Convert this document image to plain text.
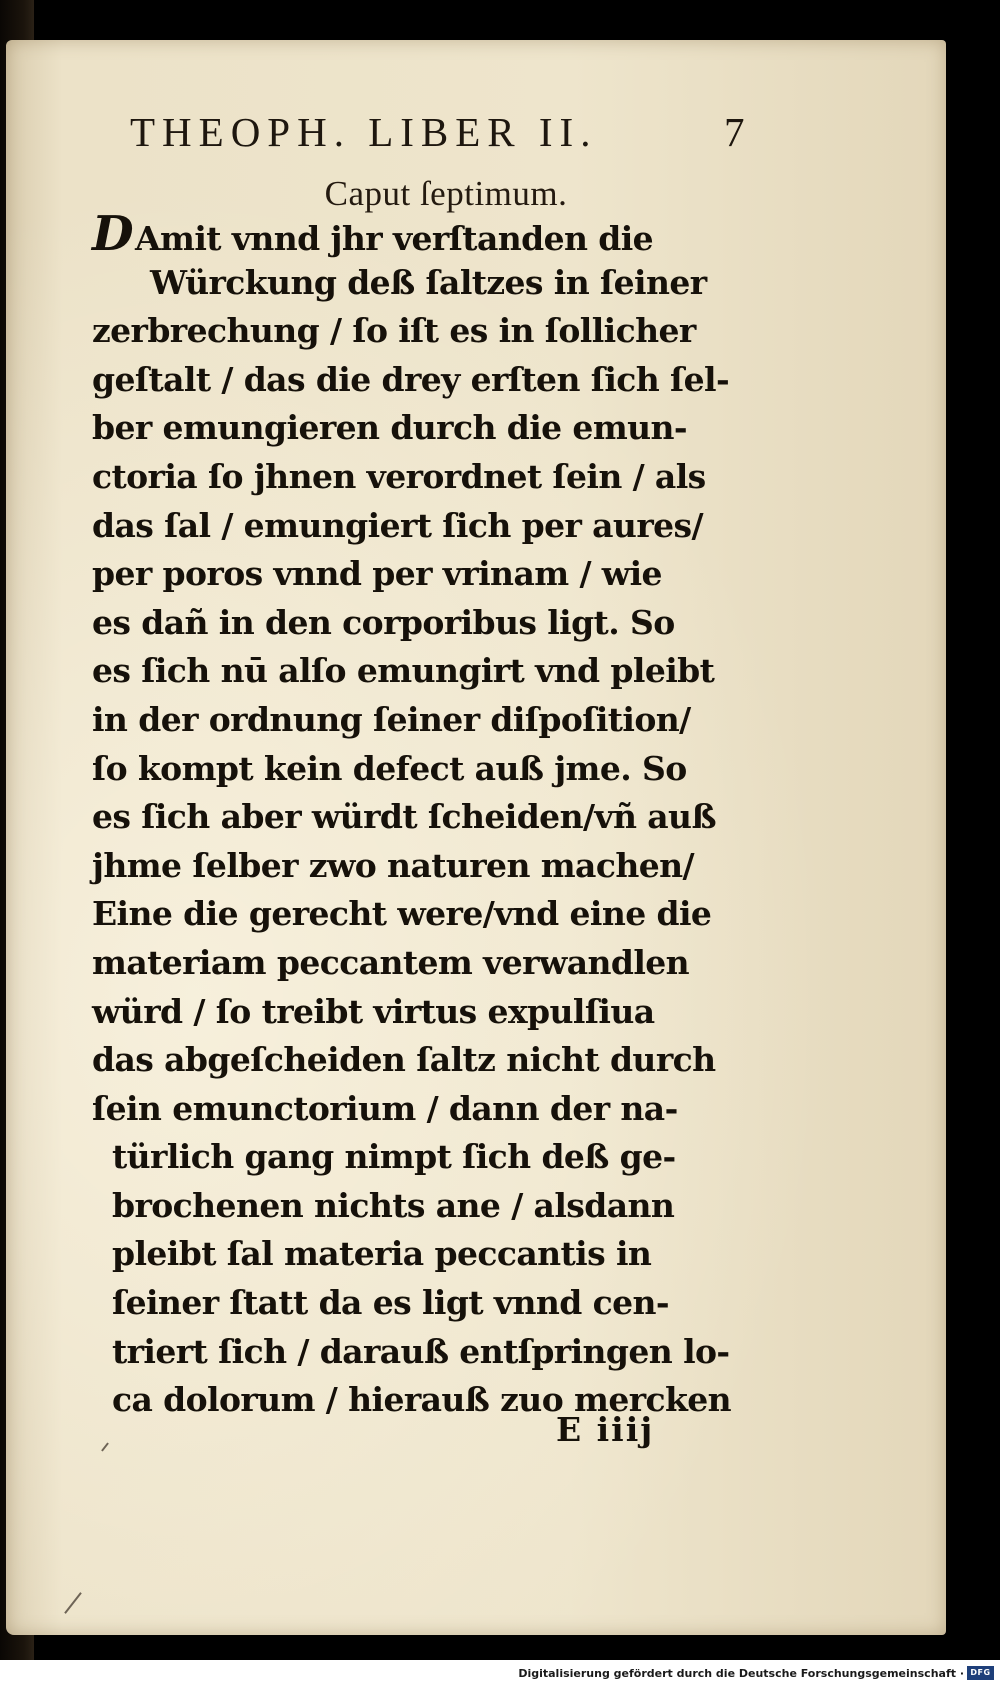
THEOPH. LIBER II.	7
Caput ſeptimum.
DAmit vnnd jhr verſtanden die
Würckung deß ſaltzes in ſeiner
zerbrechung / ſo iſt es in ſollicher
geſtalt / das die drey erſten ſich ſel-
ber emungieren durch die emun-
ctoria ſo jhnen verordnet ſein / als
das ſal / emungiert ſich per aures/
per poros vnnd per vrinam / wie
es dañ in den corporibus ligt. So
es ſich nū alſo emungirt vnd pleibt
in der ordnung ſeiner diſpoſition/
ſo kompt kein defect auß jme. So
es ſich aber würdt ſcheiden/vñ auß
jhme ſelber zwo naturen machen/
Eine die gerecht were/vnd eine die
materiam peccantem verwandlen
würd / ſo treibt virtus expulſiua
das abgeſcheiden ſaltz nicht durch
ſein emunctorium / dann der na-
türlich gang nimpt ſich deß ge-
brochenen nichts ane / alsdann
pleibt ſal materia peccantis in
ſeiner ſtatt da es ligt vnnd cen-
triert ſich / darauß entſpringen lo-
ca dolorum / hierauß zuo mercken
E iiij
Digitalisierung gefördert durch die Deutsche Forschungsgemeinschaft · DFG
